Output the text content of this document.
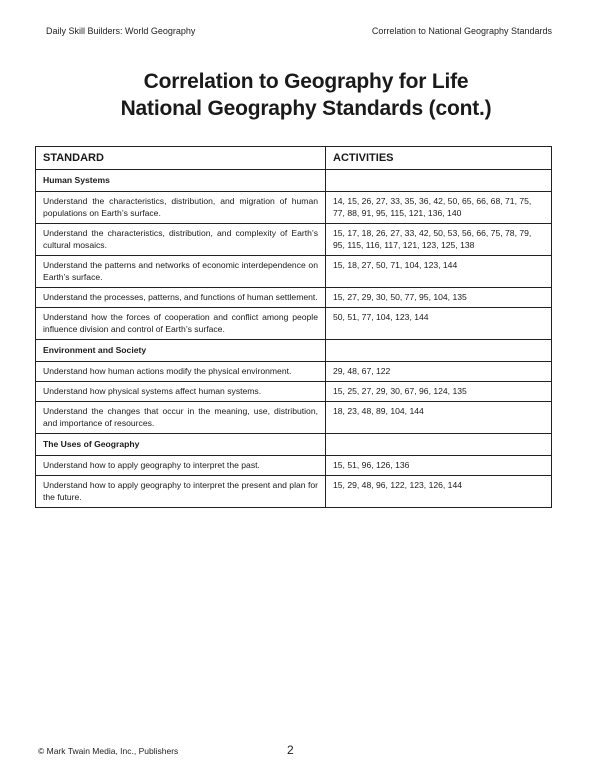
Daily Skill Builders: World Geography	Correlation to National Geography Standards
Correlation to Geography for Life
National Geography Standards (cont.)
STANDARD	ACTIVITIES
Human Systems	
Understand the characteristics, distribution, and migration of human populations on Earth’s surface.	14, 15, 26, 27, 33, 35, 36, 42, 50, 65, 66, 68, 71, 75, 77, 88, 91, 95, 115, 121, 136, 140
Understand the characteristics, distribution, and complexity of Earth’s cultural mosaics.	15, 17, 18, 26, 27, 33, 42, 50, 53, 56, 66, 75, 78, 79, 95, 115, 116, 117, 121, 123, 125, 138
Understand the patterns and networks of economic interdependence on Earth’s surface.	15, 18, 27, 50, 71, 104, 123, 144
Understand the processes, patterns, and functions of human settlement.	15, 27, 29, 30, 50, 77, 95, 104, 135
Understand how the forces of cooperation and conflict among people influence division and control of Earth’s surface.	50, 51, 77, 104, 123, 144
Environment and Society	
Understand how human actions modify the physical environment.	29, 48, 67, 122
Understand how physical systems affect human systems.	15, 25, 27, 29, 30, 67, 96, 124, 135
Understand the changes that occur in the meaning, use, distribution, and importance of resources.	18, 23, 48, 89, 104, 144
The Uses of Geography	
Understand how to apply geography to interpret the past.	15, 51, 96, 126, 136
Understand how to apply geography to interpret the present and plan for the future.	15, 29, 48, 96, 122, 123, 126, 144
© Mark Twain Media, Inc., Publishers	2
